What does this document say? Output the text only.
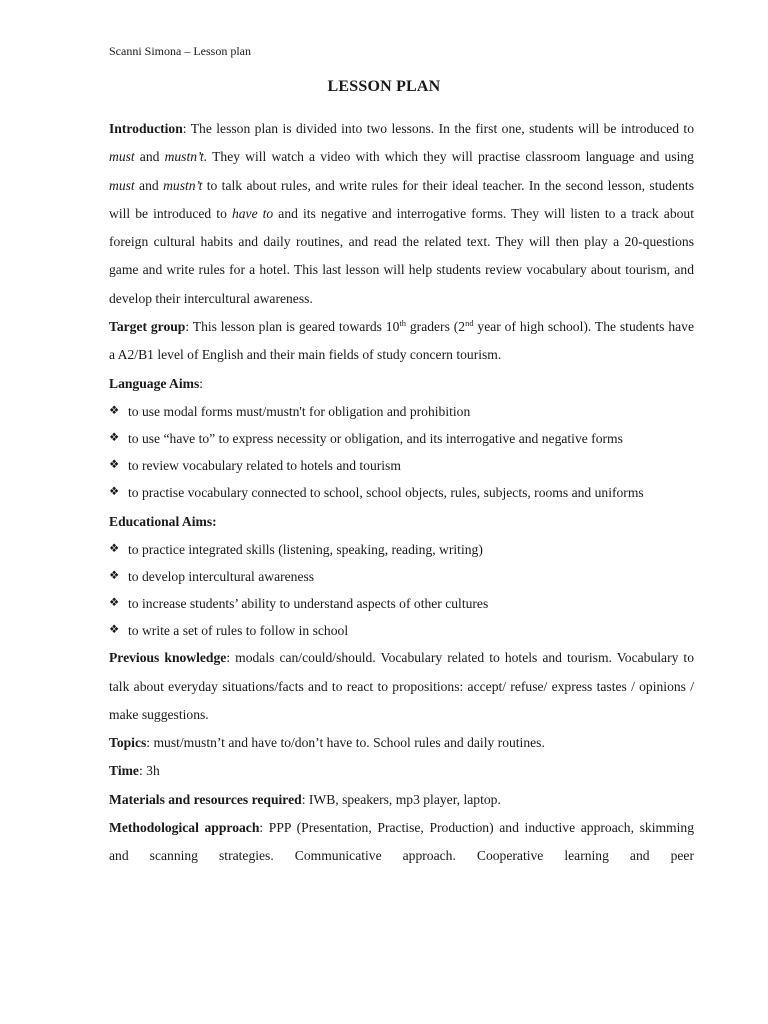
Scanni Simona – Lesson plan
LESSON PLAN

Introduction: The lesson plan is divided into two lessons. In the first one, students will be introduced to must and mustn’t. They will watch a video with which they will practise classroom language and using must and mustn’t to talk about rules, and write rules for their ideal teacher. In the second lesson, students will be introduced to have to and its negative and interrogative forms. They will listen to a track about foreign cultural habits and daily routines, and read the related text. They will then play a 20-questions game and write rules for a hotel. This last lesson will help students review vocabulary about tourism, and develop their intercultural awareness.

Target group: This lesson plan is geared towards 10th graders (2nd year of high school). The students have a A2/B1 level of English and their main fields of study concern tourism.

Language Aims:

❖ to use modal forms must/mustn't for obligation and prohibition
❖ to use “have to” to express necessity or obligation, and its interrogative and negative forms
❖ to review vocabulary related to hotels and tourism
❖ to practise vocabulary connected to school, school objects, rules, subjects, rooms and uniforms

Educational Aims:

❖ to practice integrated skills (listening, speaking, reading, writing)
❖ to develop intercultural awareness
❖ to increase students’ ability to understand aspects of other cultures
❖ to write a set of rules to follow in school

Previous knowledge: modals can/could/should. Vocabulary related to hotels and tourism. Vocabulary to talk about everyday situations/facts and to react to propositions: accept/ refuse/ express tastes / opinions / make suggestions.

Topics: must/mustn’t and have to/don’t have to. School rules and daily routines.

Time: 3h

Materials and resources required: IWB, speakers, mp3 player, laptop.

Methodological approach: PPP (Presentation, Practise, Production) and inductive approach, skimming and scanning strategies. Communicative approach. Cooperative learning and peer
